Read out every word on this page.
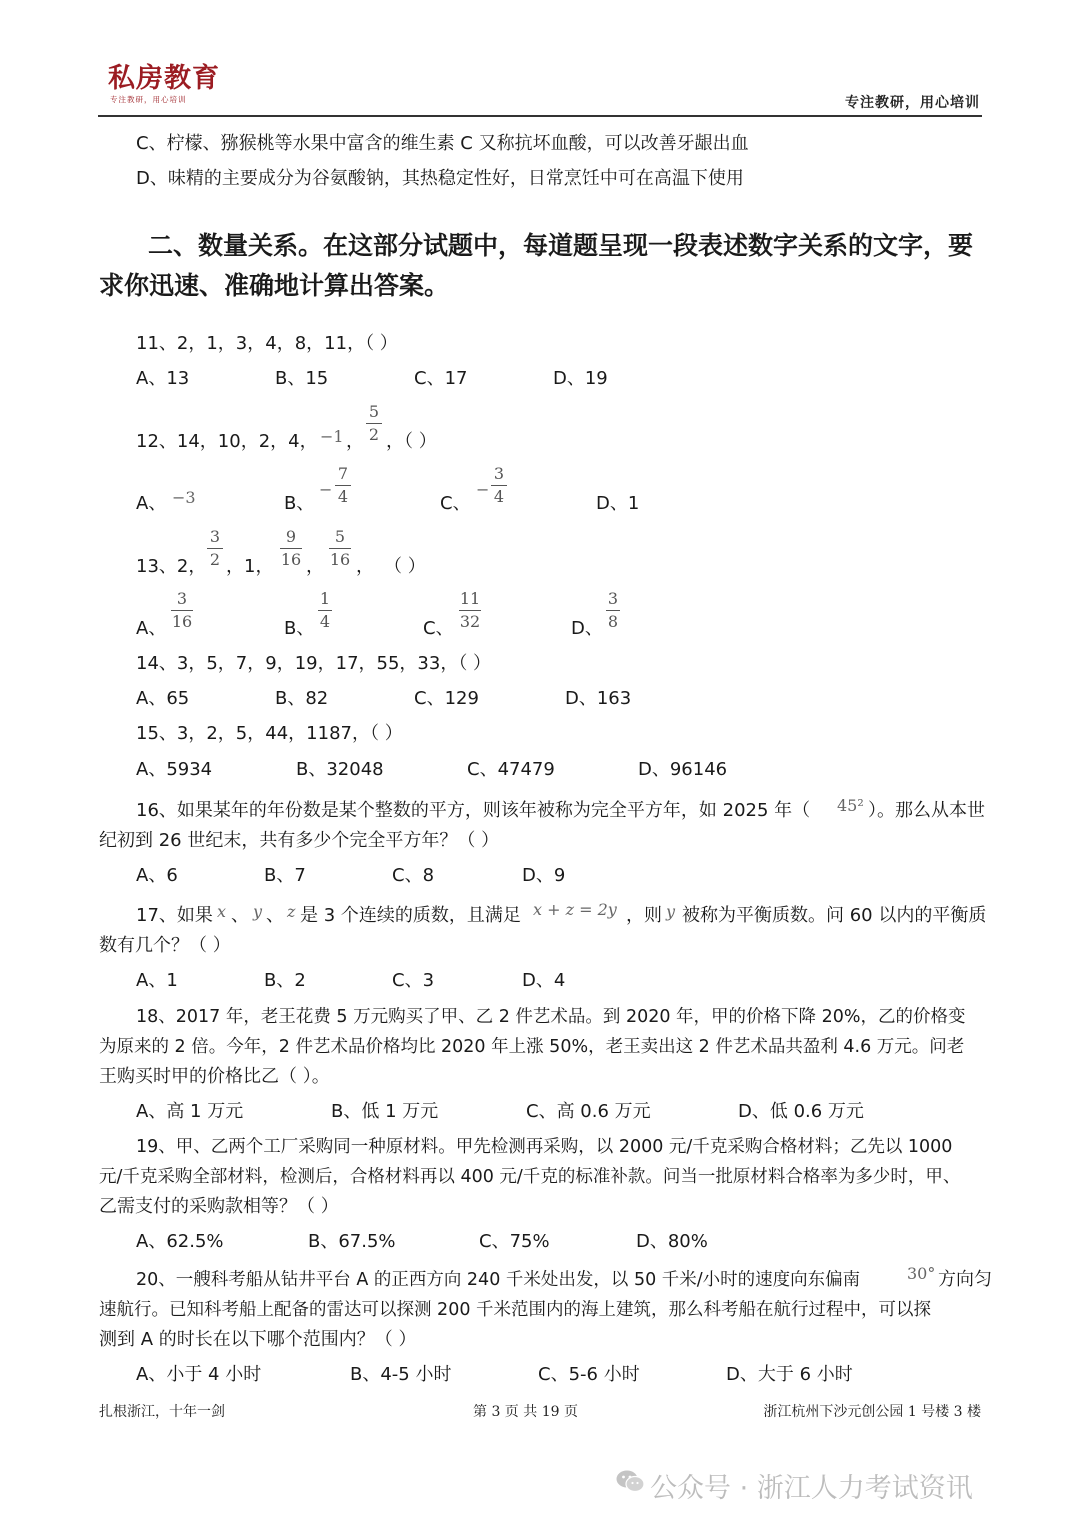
私房教育
专注教研，用心培训	专注教研，用心培训
C、柠檬、猕猴桃等水果中富含的维生素 C 又称抗坏血酸，可以改善牙龈出血
D、味精的主要成分为谷氨酸钠，其热稳定性好，日常烹饪中可在高温下使用
二、数量关系。在这部分试题中，每道题呈现一段表述数字关系的文字，要
求你迅速、准确地计算出答案。
11、2，1，3，4，8，11，（ ）
A、13	B、15	C、17	D、19
12、14，10，2，4， −1 ，
5
2 ，（ ）
A、 −3	B、
−
7
4	C、
−
3
4	D、1
13、2，
3
2 ，1，
9
16 ，
5
16 ， （ ）
A、
3
16	B、
1
4	C、
11
32	D、
3
8
14、3，5，7，9，19，17，55，33，（ ）
A、65	B、82	C、129	D、163
15、3，2，5，44，1187，（ ）
A、5934	B、32048	C、47479	D、96146
16、如果某年的年份数是某个整数的平方，则该年被称为完全平方年，如 2025 年（ 45² ）。那么从本世
纪初到 26 世纪末，共有多少个完全平方年？（ ）
A、6	B、7	C、8	D、9
17、如果 x 、 y 、 z 是 3 个连续的质数，且满足 x + z = 2y ，则 y 被称为平衡质数。问 60 以内的平衡质
数有几个？（ ）
A、1	B、2	C、3	D、4
18、2017 年，老王花费 5 万元购买了甲、乙 2 件艺术品。到 2020 年，甲的价格下降 20%，乙的价格变
为原来的 2 倍。今年，2 件艺术品价格均比 2020 年上涨 50%，老王卖出这 2 件艺术品共盈利 4.6 万元。问老
王购买时甲的价格比乙（ ）。
A、高 1 万元	B、低 1 万元	C、高 0.6 万元	D、低 0.6 万元
19、甲、乙两个工厂采购同一种原材料。甲先检测再采购，以 2000 元/千克采购合格材料；乙先以 1000
元/千克采购全部材料，检测后，合格材料再以 400 元/千克的标准补款。问当一批原材料合格率为多少时，甲、
乙需支付的采购款相等？（ ）
A、62.5%	B、67.5%	C、75%	D、80%
20、一艘科考船从钻井平台 A 的正西方向 240 千米处出发，以 50 千米/小时的速度向东偏南	30° 方向匀
速航行。已知科考船上配备的雷达可以探测 200 千米范围内的海上建筑，那么科考船在航行过程中，可以探
测到 A 的时长在以下哪个范围内？（ ）
A、小于 4 小时	B、4-5 小时	C、5-6 小时	D、大于 6 小时
扎根浙江，十年一剑	第 3 页 共 19 页	浙江杭州下沙元创公园 1 号楼 3 楼
公众号 · 浙江人力考试资讯
